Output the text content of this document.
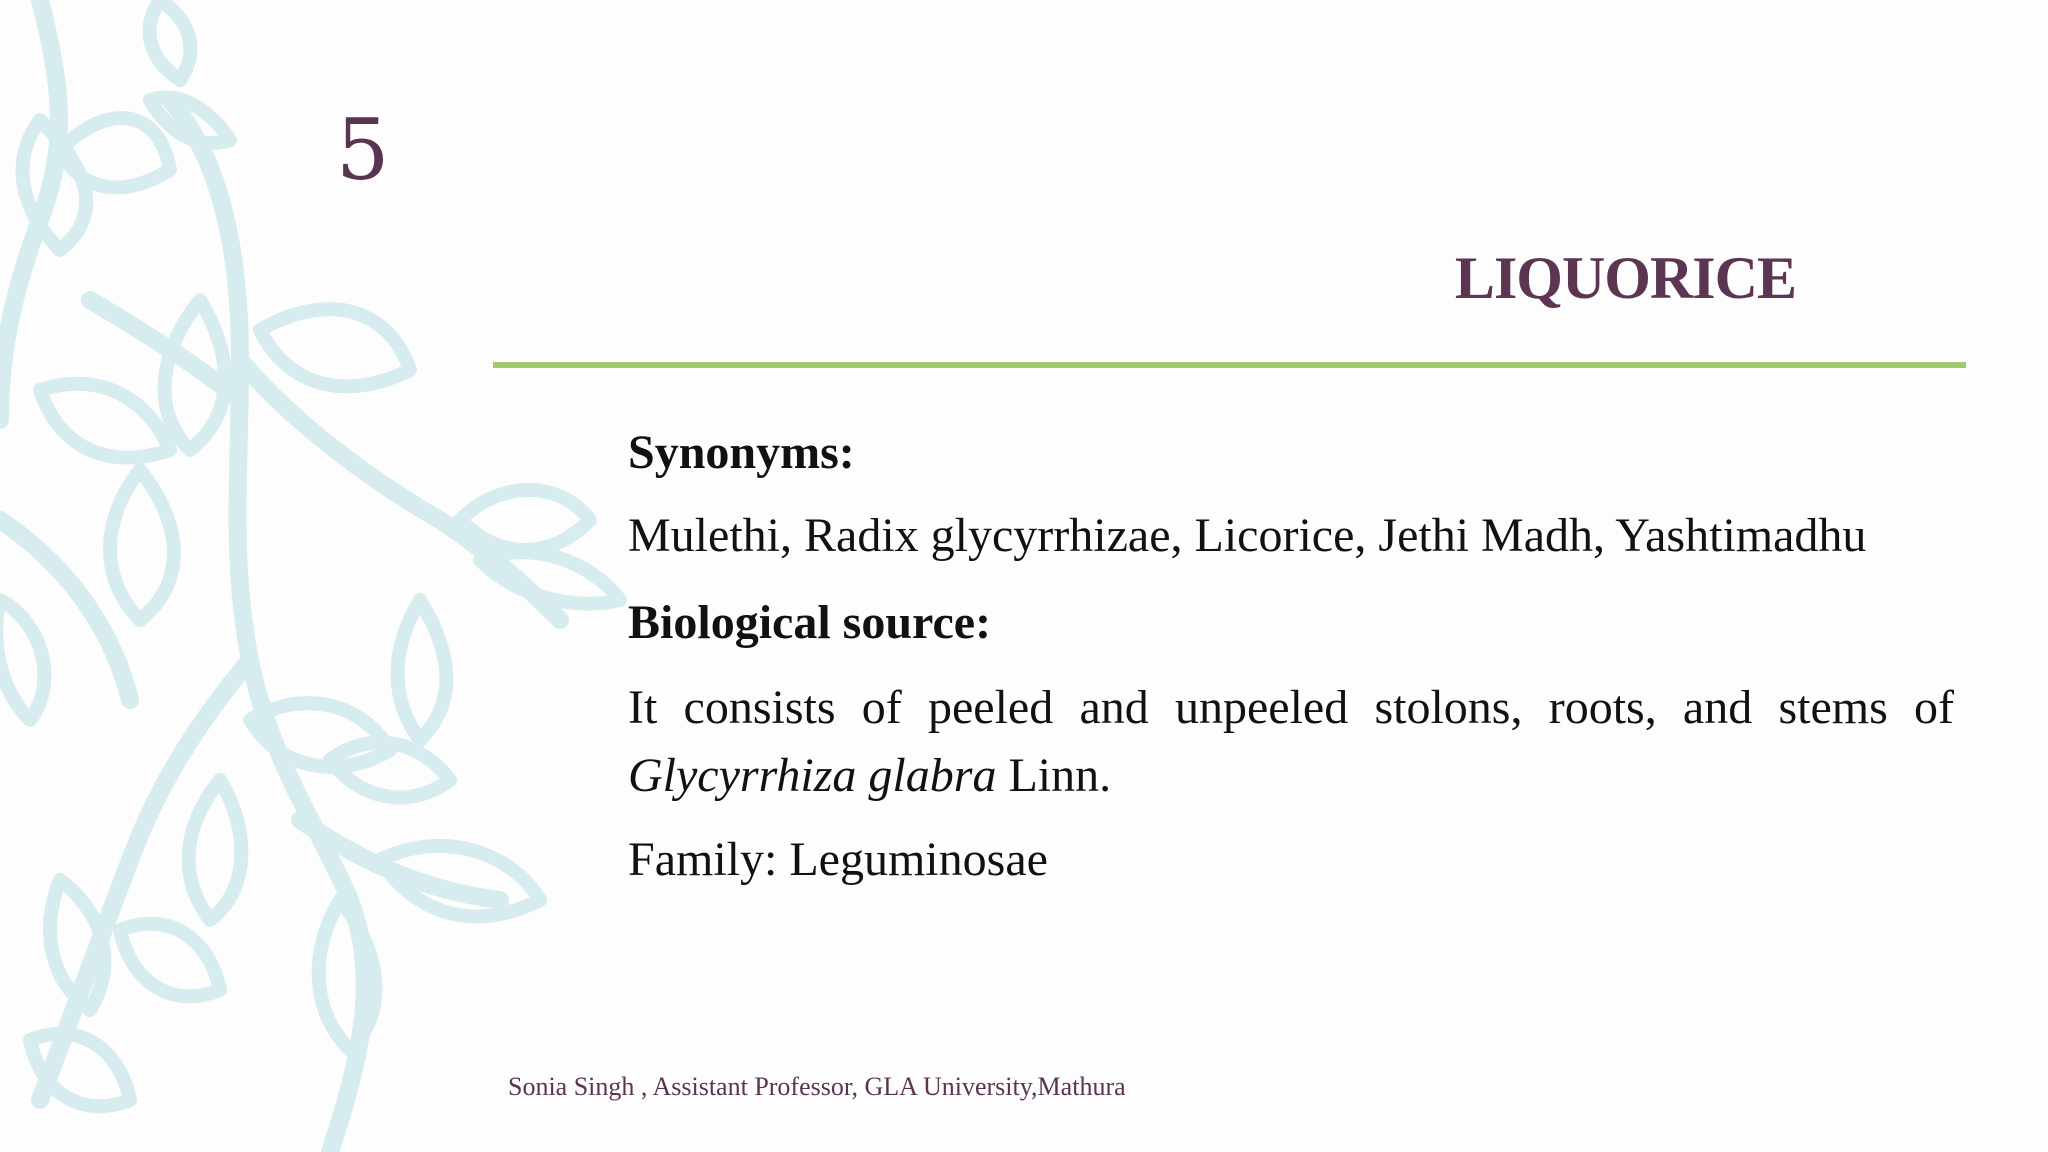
5
LIQUORICE

Synonyms:

Mulethi, Radix glycyrrhizae, Licorice, Jethi Madh, Yashtimadhu

Biological source:

It consists of peeled and unpeeled stolons, roots, and stems of Glycyrrhiza glabra Linn.

Family: Leguminosae

Sonia Singh , Assistant Professor, GLA University,Mathura
